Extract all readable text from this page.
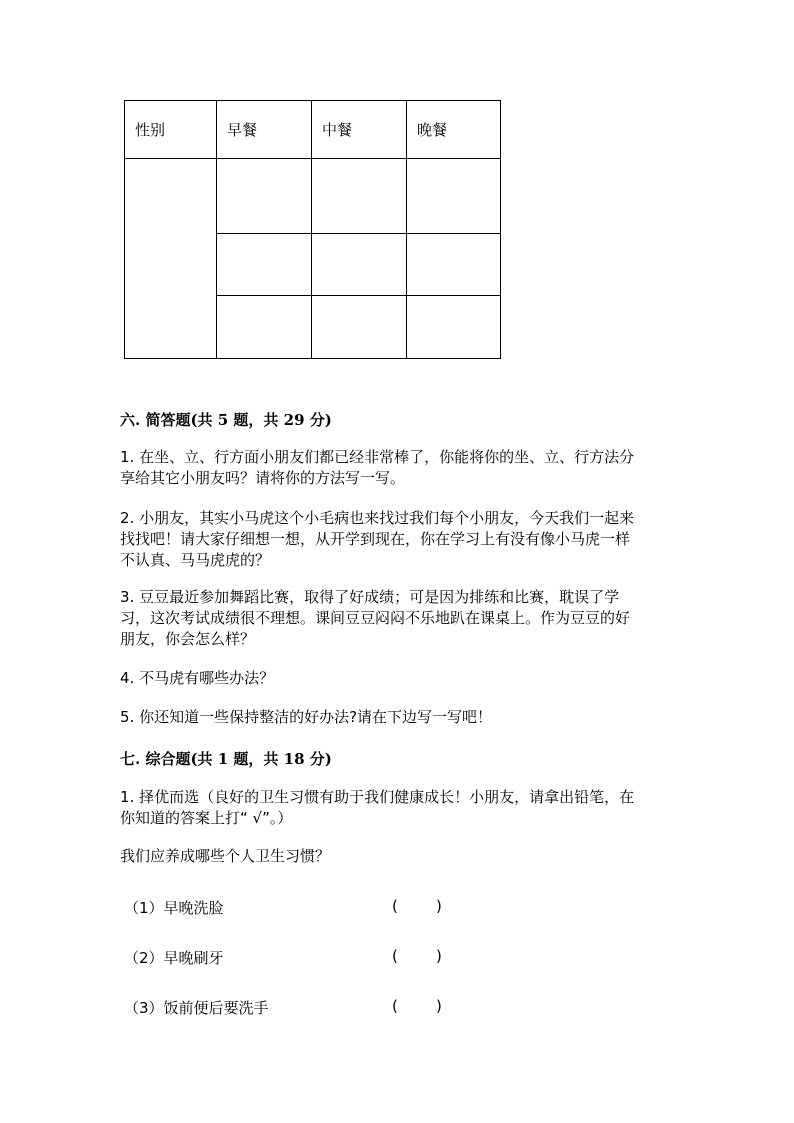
性别	早餐	中餐	晚餐

六. 简答题(共 5 题，共 29 分)
1. 在坐、立、行方面小朋友们都已经非常棒了，你能将你的坐、立、行方法分
享给其它小朋友吗？请将你的方法写一写。
2. 小朋友，其实小马虎这个小毛病也来找过我们每个小朋友，今天我们一起来
找找吧！请大家仔细想一想，从开学到现在，你在学习上有没有像小马虎一样
不认真、马马虎虎的？
3. 豆豆最近参加舞蹈比赛，取得了好成绩；可是因为排练和比赛，耽误了学
习，这次考试成绩很不理想。课间豆豆闷闷不乐地趴在课桌上。作为豆豆的好
朋友，你会怎么样？
4. 不马虎有哪些办法？
5. 你还知道一些保持整洁的好办法?请在下边写一写吧！
七. 综合题(共 1 题，共 18 分)
1. 择优而选（良好的卫生习惯有助于我们健康成长！小朋友，请拿出铅笔，在
你知道的答案上打“ √”。）
我们应养成哪些个人卫生习惯？
（1）早晚洗脸	(        )
（2）早晚刷牙	(        )
（3）饭前便后要洗手	(        )
